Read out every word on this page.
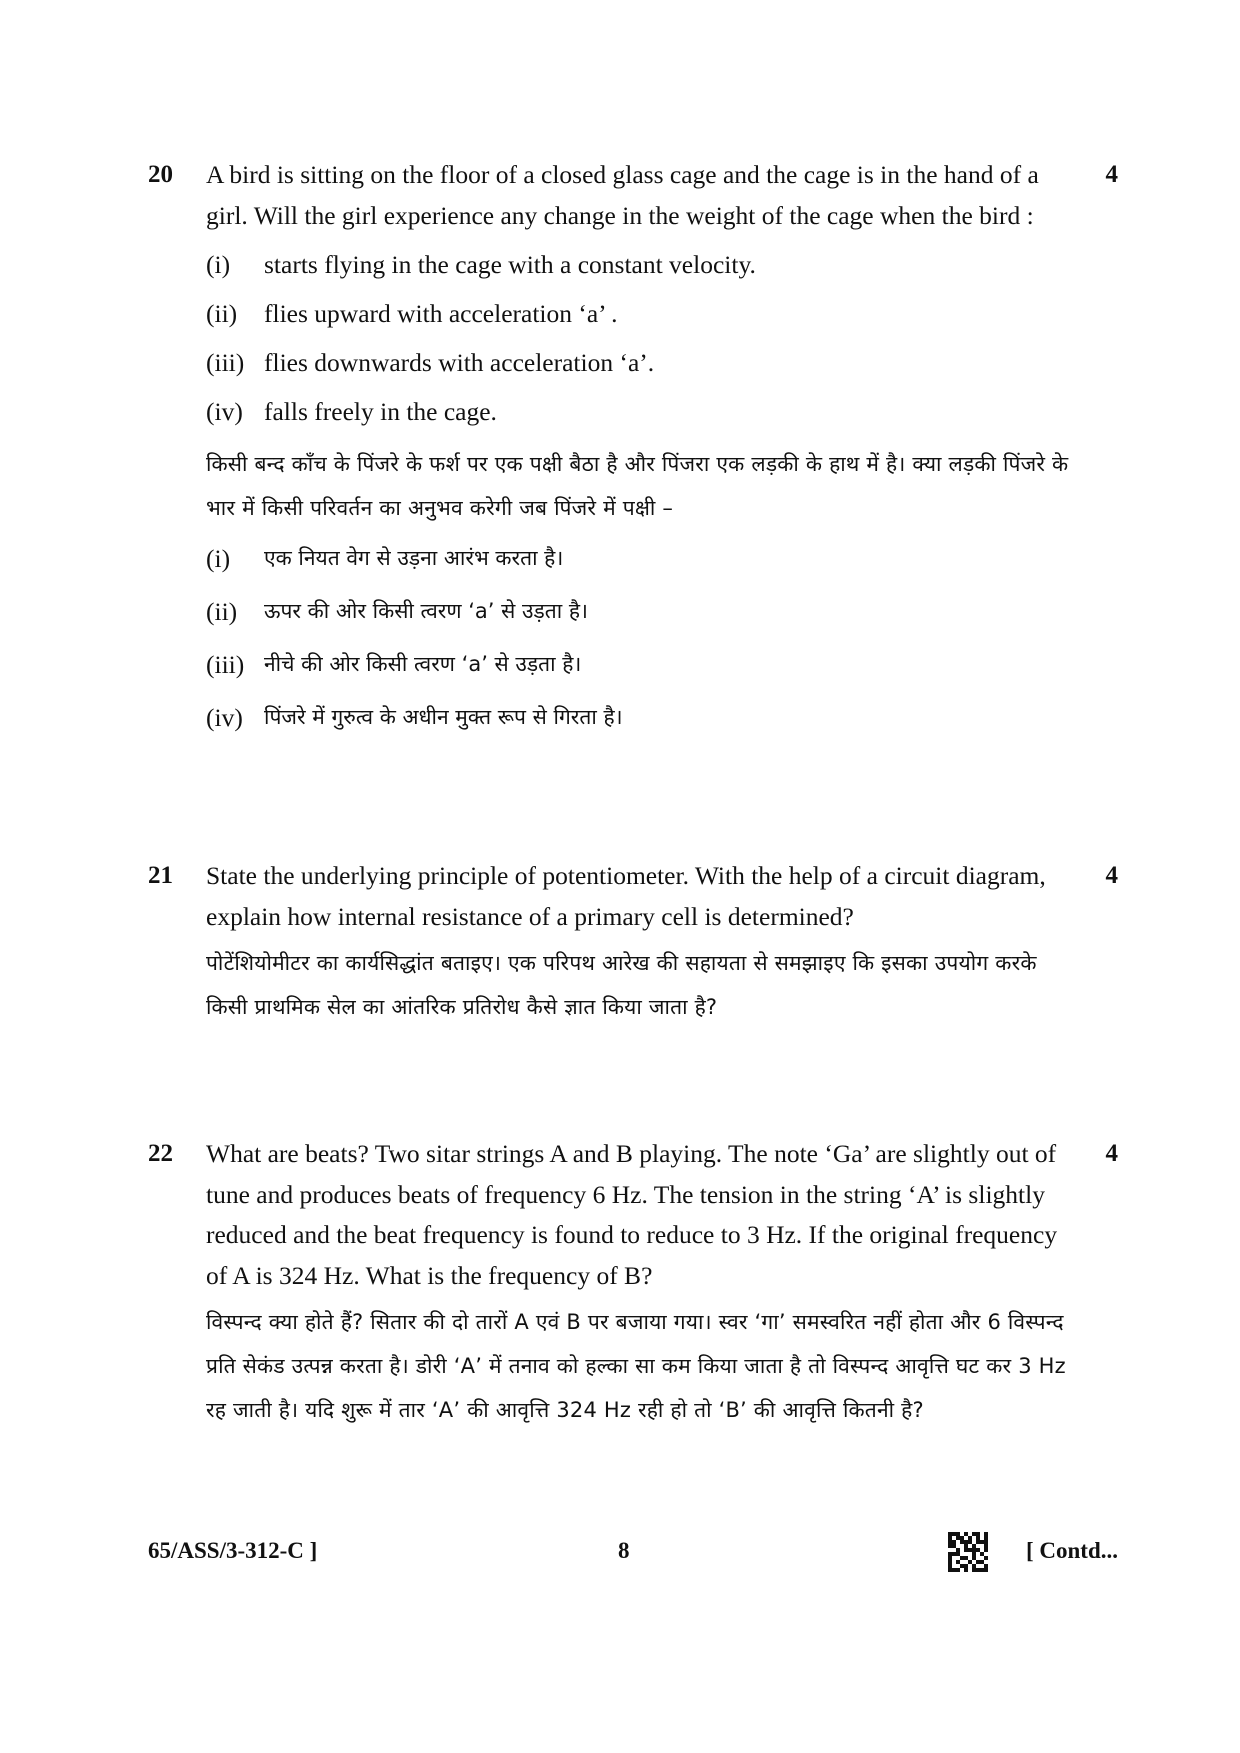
20	4

A bird is sitting on the floor of a closed glass cage and the cage is in the hand of a girl. Will the girl experience any change in the weight of the cage when the bird :

(i)	starts flying in the cage with a constant velocity.
(ii)	flies upward with acceleration ‘a’ .
(iii) flies downwards with acceleration ‘a’.
(iv) falls freely in the cage.

किसी बन्द काँच के पिंजरे के फर्श पर एक पक्षी बैठा है और पिंजरा एक लड़की के हाथ में है। क्या लड़की पिंजरे के भार में किसी परिवर्तन का अनुभव करेगी जब पिंजरे में पक्षी –

(i)	एक नियत वेग से उड़ना आरंभ करता है।
(ii)	ऊपर की ओर किसी त्वरण ‘a’ से उड़ता है।
(iii) नीचे की ओर किसी त्वरण ‘a’ से उड़ता है।
(iv)	पिंजरे में गुरुत्व के अधीन मुक्त रूप से गिरता है।
21	4

State the underlying principle of potentiometer. With the help of a circuit diagram, explain how internal resistance of a primary cell is determined?

पोटेंशियोमीटर का कार्यसिद्धांत बताइए। एक परिपथ आरेख की सहायता से समझाइए कि इसका उपयोग करके किसी प्राथमिक सेल का आंतरिक प्रतिरोध कैसे ज्ञात किया जाता है?

22	4

What are beats? Two sitar strings A and B playing. The note ‘Ga’ are slightly out of tune and produces beats of frequency 6 Hz. The tension in the string ‘A’ is slightly reduced and the beat frequency is found to reduce to 3 Hz. If the original frequency of A is 324 Hz. What is the frequency of B?

विस्पन्द क्या होते हैं? सितार की दो तारों A एवं B पर बजाया गया। स्वर ‘गा’ समस्वरित नहीं होता और 6 विस्पन्द प्रति सेकंड उत्पन्न करता है। डोरी ‘A’ में तनाव को हल्का सा कम किया जाता है तो विस्पन्द आवृत्ति घट कर 3 Hz रह जाती है। यदि शुरू में तार ‘A’ की आवृत्ति 324 Hz रही हो तो ‘B’ की आवृत्ति कितनी है?

65/ASS/3-312-C ]	8	[ Contd...
